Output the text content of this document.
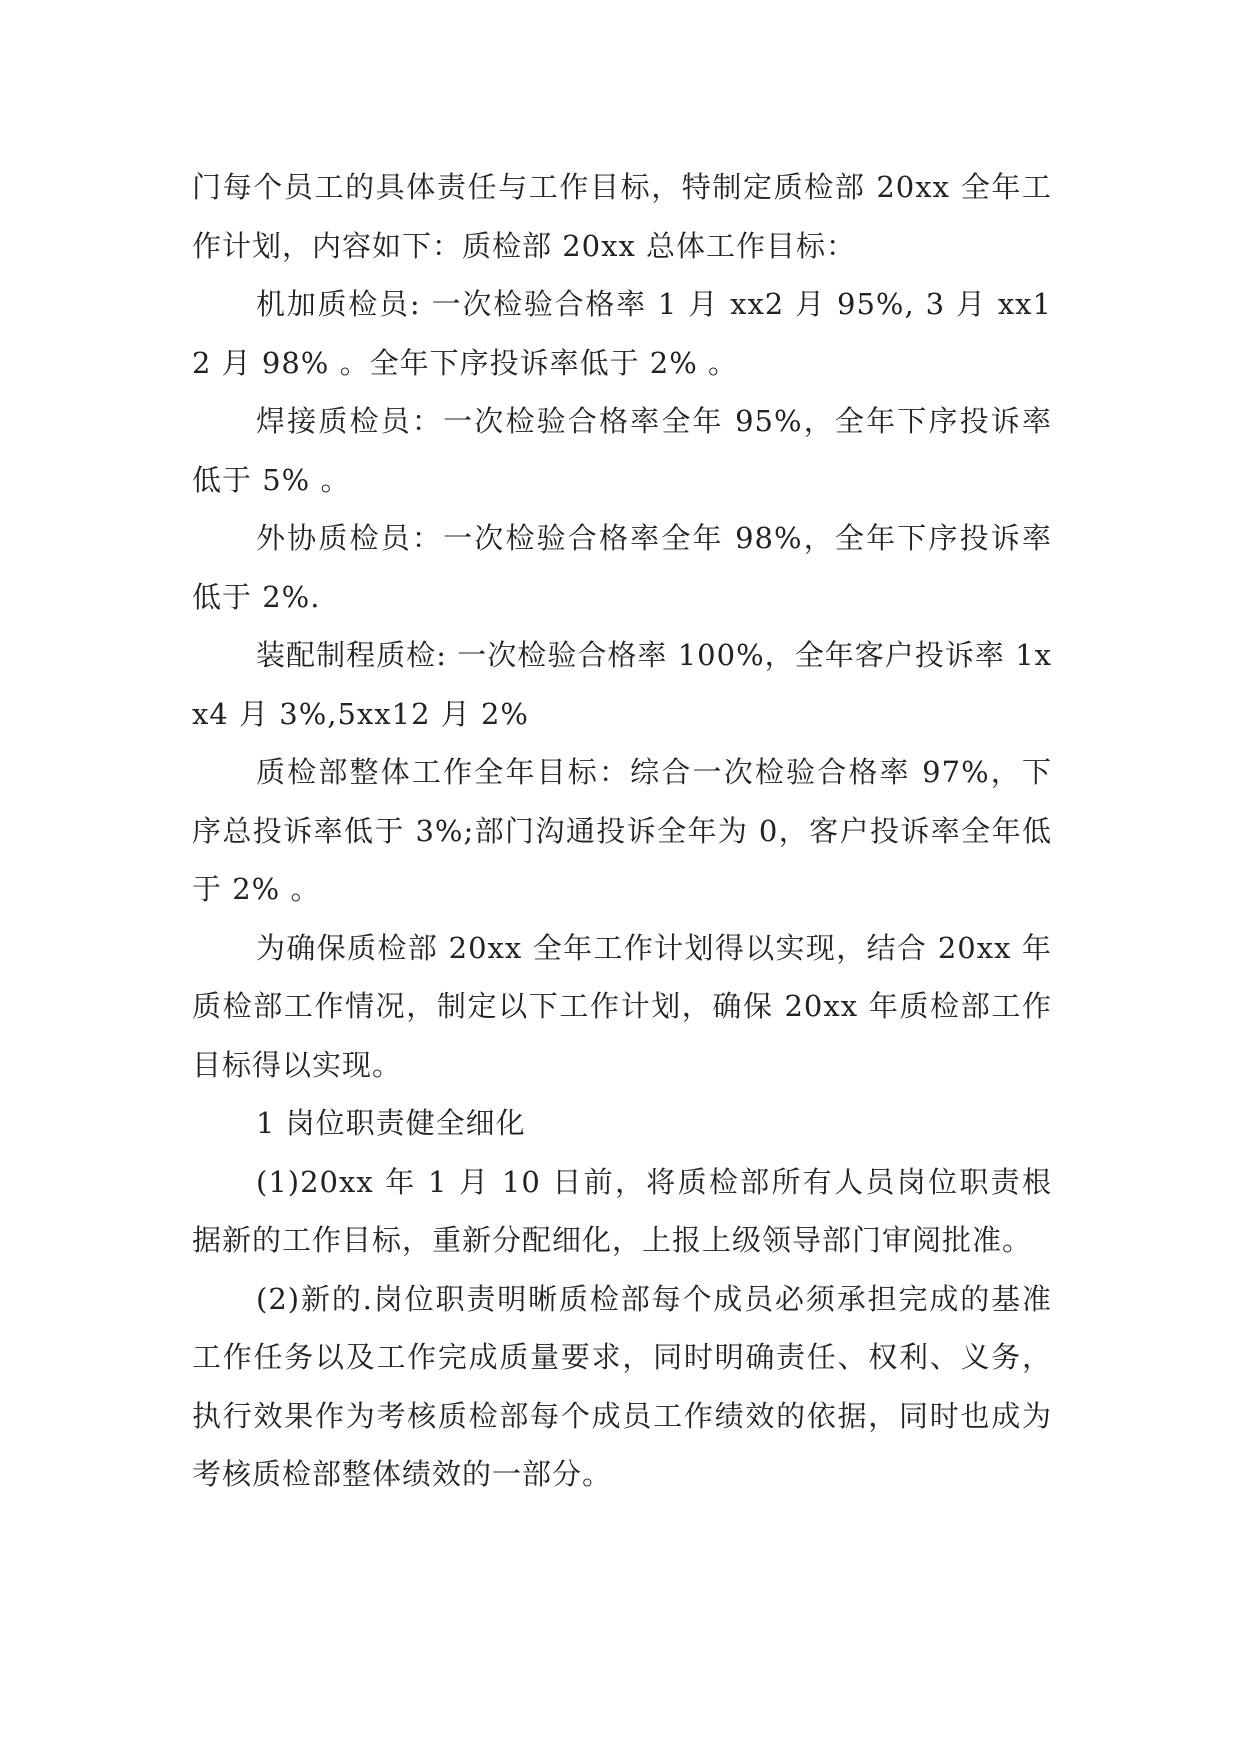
门每个员工的具体责任与工作目标，特制定质检部 20xx 全年工作计划，内容如下：质检部 20xx 总体工作目标：

机加质检员: 一次检验合格率 1 月 xx2 月 95%, 3 月 xx12 月 98% 。全年下序投诉率低于 2% 。

焊接质检员：一次检验合格率全年 95%，全年下序投诉率低于 5% 。

外协质检员：一次检验合格率全年 98%，全年下序投诉率低于 2%.

装配制程质检: 一次检验合格率 100%，全年客户投诉率 1xx4 月 3%,5xx12 月 2%

质检部整体工作全年目标：综合一次检验合格率 97%，下序总投诉率低于 3%;部门沟通投诉全年为 0，客户投诉率全年低于 2% 。

为确保质检部 20xx 全年工作计划得以实现，结合 20xx 年质检部工作情况，制定以下工作计划，确保 20xx 年质检部工作目标得以实现。

1 岗位职责健全细化

(1)20xx 年 1 月 10 日前，将质检部所有人员岗位职责根据新的工作目标，重新分配细化，上报上级领导部门审阅批准。

(2)新的.岗位职责明晰质检部每个成员必须承担完成的基准工作任务以及工作完成质量要求，同时明确责任、权利、义务，执行效果作为考核质检部每个成员工作绩效的依据，同时也成为考核质检部整体绩效的一部分。
